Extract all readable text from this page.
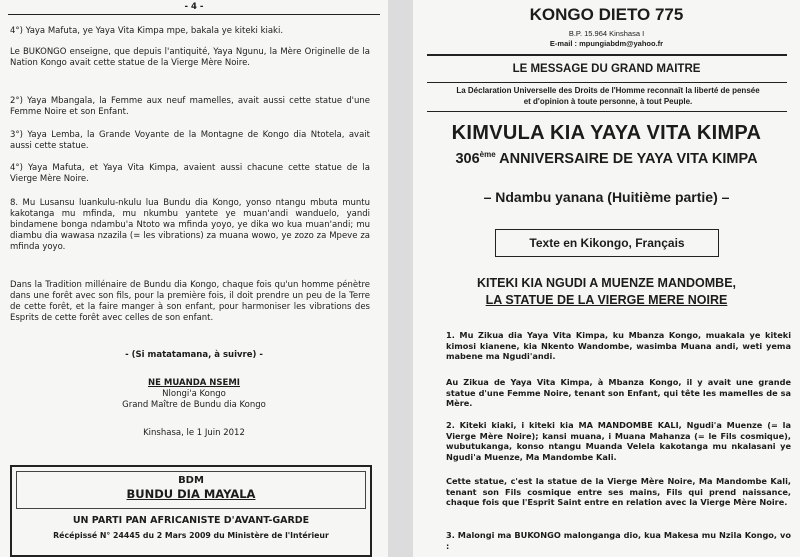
- 4 -

4°) Yaya Mafuta, ye Yaya Vita Kimpa mpe, bakala ye kiteki kiaki.

Le BUKONGO enseigne, que depuis l'antiquité, Yaya Ngunu, la Mère Originelle de la Nation Kongo avait cette statue de la Vierge Mère Noire.

2°) Yaya Mbangala, la Femme aux neuf mamelles, avait aussi cette statue d'une Femme Noire et son Enfant.

3°) Yaya Lemba, la Grande Voyante de la Montagne de Kongo dia Ntotela, avait aussi cette statue.

4°) Yaya Mafuta, et Yaya Vita Kimpa, avaient aussi chacune cette statue de la Vierge Mère Noire.

8. Mu Lusansu luankulu-nkulu lua Bundu dia Kongo, yonso ntangu mbuta muntu kakotanga mu mfinda, mu nkumbu yantete ye muan'andi wanduelo, yandi bindamene bonga ndambu'a Ntoto wa mfinda yoyo, ye dika wo kua muan'andi; mu diambu dia wawasa nzazila (= les vibrations) za muana wowo, ye zozo za Mpeve za mfinda yoyo.

Dans la Tradition millénaire de Bundu dia Kongo, chaque fois qu'un homme pénètre dans une forêt avec son fils, pour la première fois, il doit prendre un peu de la Terre de cette forêt, et la faire manger à son enfant, pour harmoniser les vibrations des Esprits de cette forêt avec celles de son enfant.

- (Si matatamana, à suivre) -
NE MUANDA NSEMI
Nlongi'a Kongo
Grand Maître de Bundu dia Kongo
Kinshasa, le 1 Juin 2012
BDM
BUNDU DIA MAYALA
UN PARTI PAN AFRICANISTE D'AVANT-GARDE
Récépissé N° 24445 du 2 Mars 2009 du Ministère de l'Intérieur
KONGO DIETO 775
B.P. 15.964 Kinshasa I
E-mail : mpungiabdm@yahoo.fr
LE MESSAGE DU GRAND MAITRE
La Déclaration Universelle des Droits de l'Homme reconnaît la liberté de pensée et d'opinion à toute personne, à tout Peuple.
KIMVULA KIA YAYA VITA KIMPA
306ème ANNIVERSAIRE DE YAYA VITA KIMPA
– Ndambu yanana (Huitième partie) –
Texte en Kikongo, Français
KITEKI KIA NGUDI A MUENZE MANDOMBE,
LA STATUE DE LA VIERGE MERE NOIRE

1. Mu Zikua dia Yaya Vita Kimpa, ku Mbanza Kongo, muakala ye kiteki kimosi kianene, kia Nkento Wandombe, wasimba Muana andi, weti yema mabene ma Ngudi'andi.

Au Zikua de Yaya Vita Kimpa, à Mbanza Kongo, il y avait une grande statue d'une Femme Noire, tenant son Enfant, qui tête les mamelles de sa Mère.

2. Kiteki kiaki, i kiteki kia MA MANDOMBE KALI, Ngudi'a Muenze (= la Vierge Mère Noire); kansi muana, i Muana Mahanza (= le Fils cosmique), wubutukanga, konso ntangu Muanda Velela kakotanga mu nkalasani ye Ngudi'a Muenze, Ma Mandombe Kali.

Cette statue, c'est la statue de la Vierge Mère Noire, Ma Mandombe Kali, tenant son Fils cosmique entre ses mains, Fils qui prend naissance, chaque fois que l'Esprit Saint entre en relation avec la Vierge Mère Noire.

3. Malongi ma BUKONGO malonganga dio, kua Makesa mu Nzila Kongo, vo :
